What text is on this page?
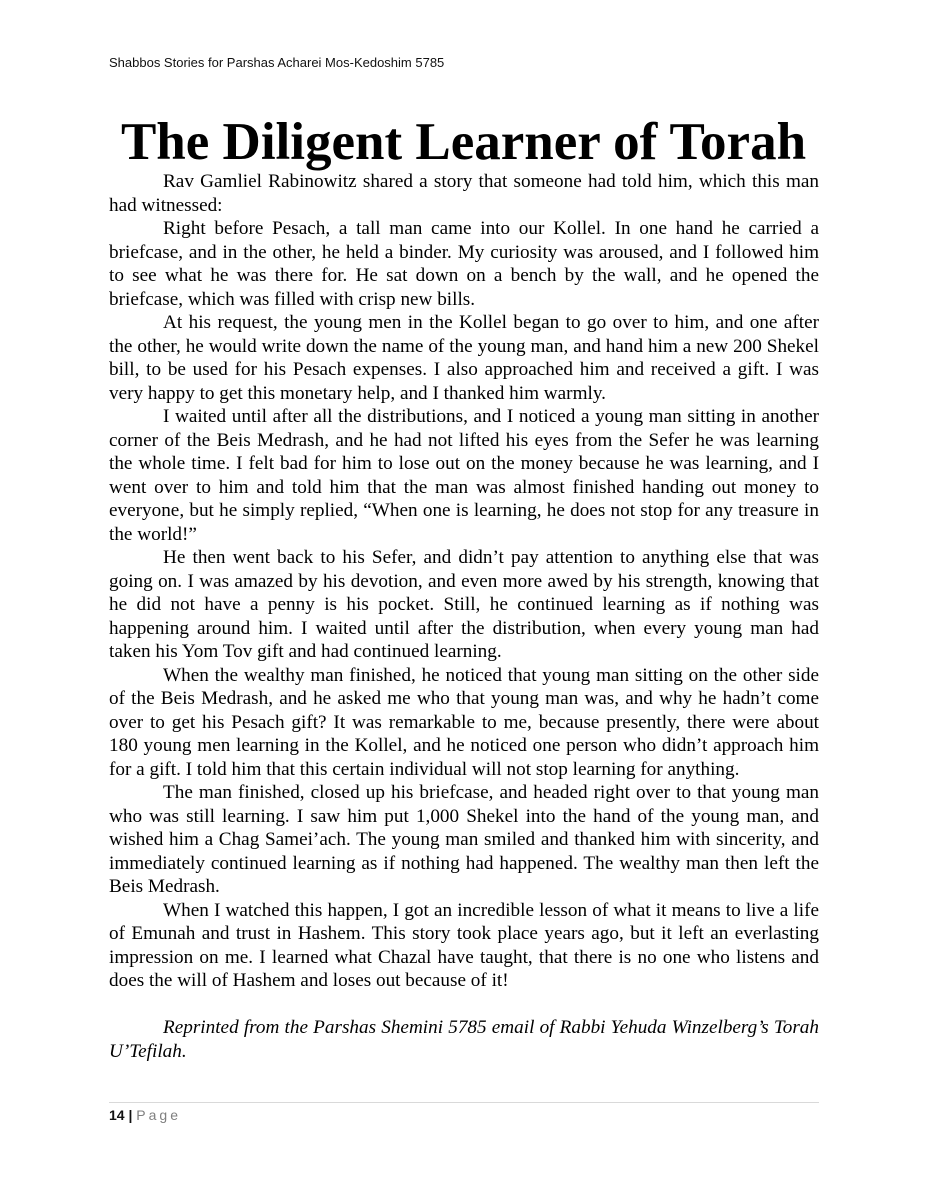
Shabbos Stories for Parshas Acharei Mos-Kedoshim 5785
The Diligent Learner of Torah

Rav Gamliel Rabinowitz shared a story that someone had told him, which this man had witnessed:

Right before Pesach, a tall man came into our Kollel. In one hand he carried a briefcase, and in the other, he held a binder. My curiosity was aroused, and I followed him to see what he was there for. He sat down on a bench by the wall, and he opened the briefcase, which was filled with crisp new bills.

At his request, the young men in the Kollel began to go over to him, and one after the other, he would write down the name of the young man, and hand him a new 200 Shekel bill, to be used for his Pesach expenses. I also approached him and received a gift. I was very happy to get this monetary help, and I thanked him warmly.

I waited until after all the distributions, and I noticed a young man sitting in another corner of the Beis Medrash, and he had not lifted his eyes from the Sefer he was learning the whole time. I felt bad for him to lose out on the money because he was learning, and I went over to him and told him that the man was almost finished handing out money to everyone, but he simply replied, “When one is learning, he does not stop for any treasure in the world!”

He then went back to his Sefer, and didn’t pay attention to anything else that was going on. I was amazed by his devotion, and even more awed by his strength, knowing that he did not have a penny is his pocket. Still, he continued learning as if nothing was happening around him. I waited until after the distribution, when every young man had taken his Yom Tov gift and had continued learning.

When the wealthy man finished, he noticed that young man sitting on the other side of the Beis Medrash, and he asked me who that young man was, and why he hadn’t come over to get his Pesach gift? It was remarkable to me, because presently, there were about 180 young men learning in the Kollel, and he noticed one person who didn’t approach him for a gift. I told him that this certain individual will not stop learning for anything.

The man finished, closed up his briefcase, and headed right over to that young man who was still learning. I saw him put 1,000 Shekel into the hand of the young man, and wished him a Chag Samei’ach. The young man smiled and thanked him with sincerity, and immediately continued learning as if nothing had happened. The wealthy man then left the Beis Medrash.

When I watched this happen, I got an incredible lesson of what it means to live a life of Emunah and trust in Hashem. This story took place years ago, but it left an everlasting impression on me. I learned what Chazal have taught, that there is no one who listens and does the will of Hashem and loses out because of it!

Reprinted from the Parshas Shemini 5785 email of Rabbi Yehuda Winzelberg’s Torah U’Tefilah.

14 | Page
